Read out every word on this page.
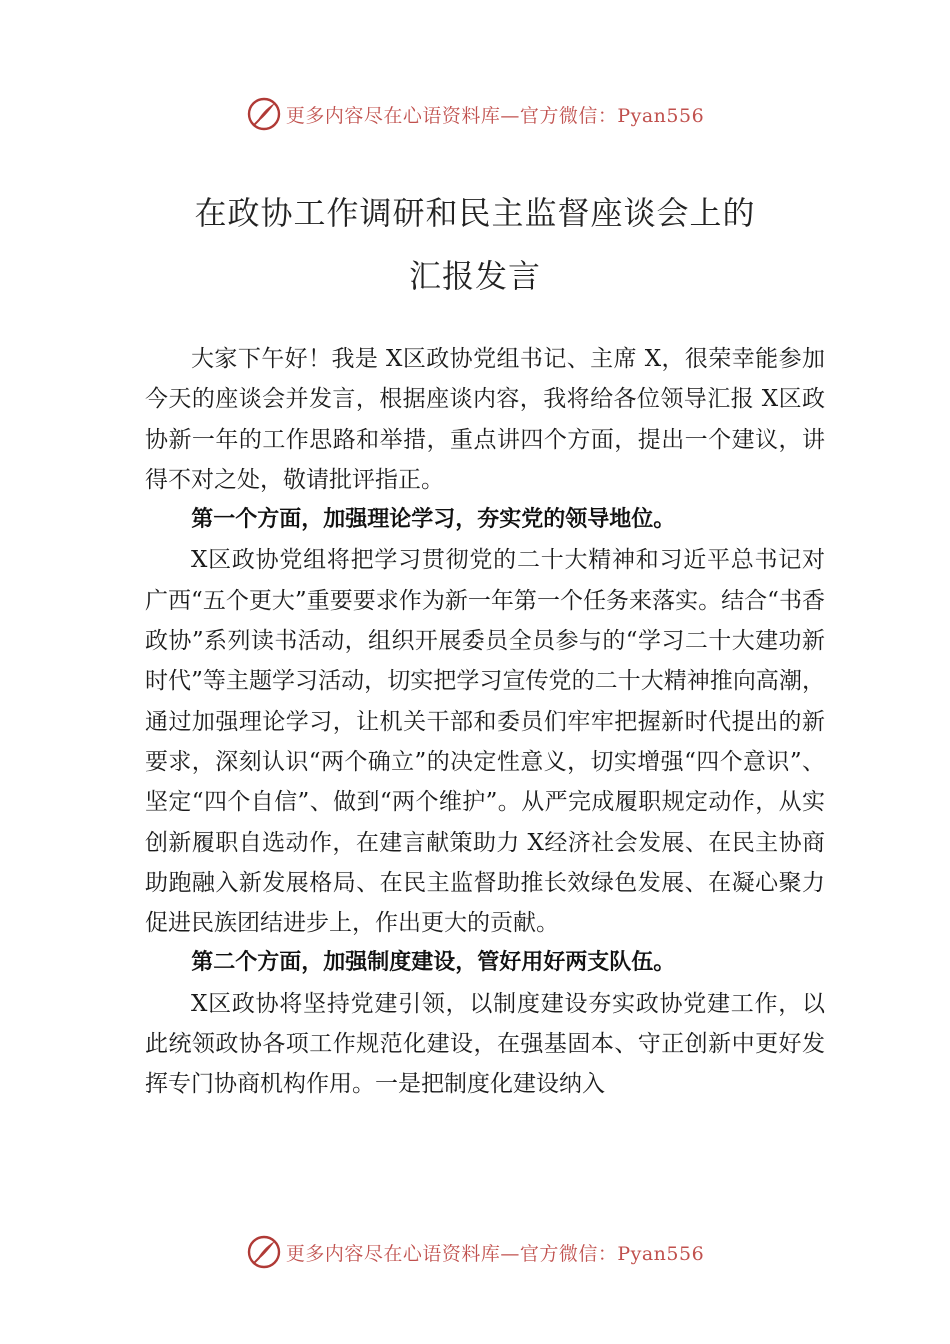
更多内容尽在心语资料库—官方微信：Pyan556
在政协工作调研和民主监督座谈会上的
汇报发言

大家下午好！我是 X区政协党组书记、主席 X，很荣幸能参加今天的座谈会并发言，根据座谈内容，我将给各位领导汇报 X区政协新一年的工作思路和举措，重点讲四个方面，提出一个建议，讲得不对之处，敬请批评指正。

第一个方面，加强理论学习，夯实党的领导地位。

X区政协党组将把学习贯彻党的二十大精神和习近平总书记对广西“五个更大”重要要求作为新一年第一个任务来落实。结合“书香政协”系列读书活动，组织开展委员全员参与的“学习二十大建功新时代”等主题学习活动，切实把学习宣传党的二十大精神推向高潮，通过加强理论学习，让机关干部和委员们牢牢把握新时代提出的新要求，深刻认识“两个确立”的决定性意义，切实增强“四个意识”、坚定“四个自信”、做到“两个维护”。从严完成履职规定动作，从实 创新履职自选动作，在建言献策助力 X经济社会发展、在民主协商助跑融入新发展格局、在民主监督助推长效绿色发展、在凝心聚力促进民族团结进步上，作出更大的贡献。

第二个方面，加强制度建设，管好用好两支队伍。

X区政协将坚持党建引领，以制度建设夯实政协党建工作，以此统领政协各项工作规范化建设，在强基固本、守正创新中更好发挥专门协商机构作用。一是把制度化建设纳入

更多内容尽在心语资料库—官方微信：Pyan556
